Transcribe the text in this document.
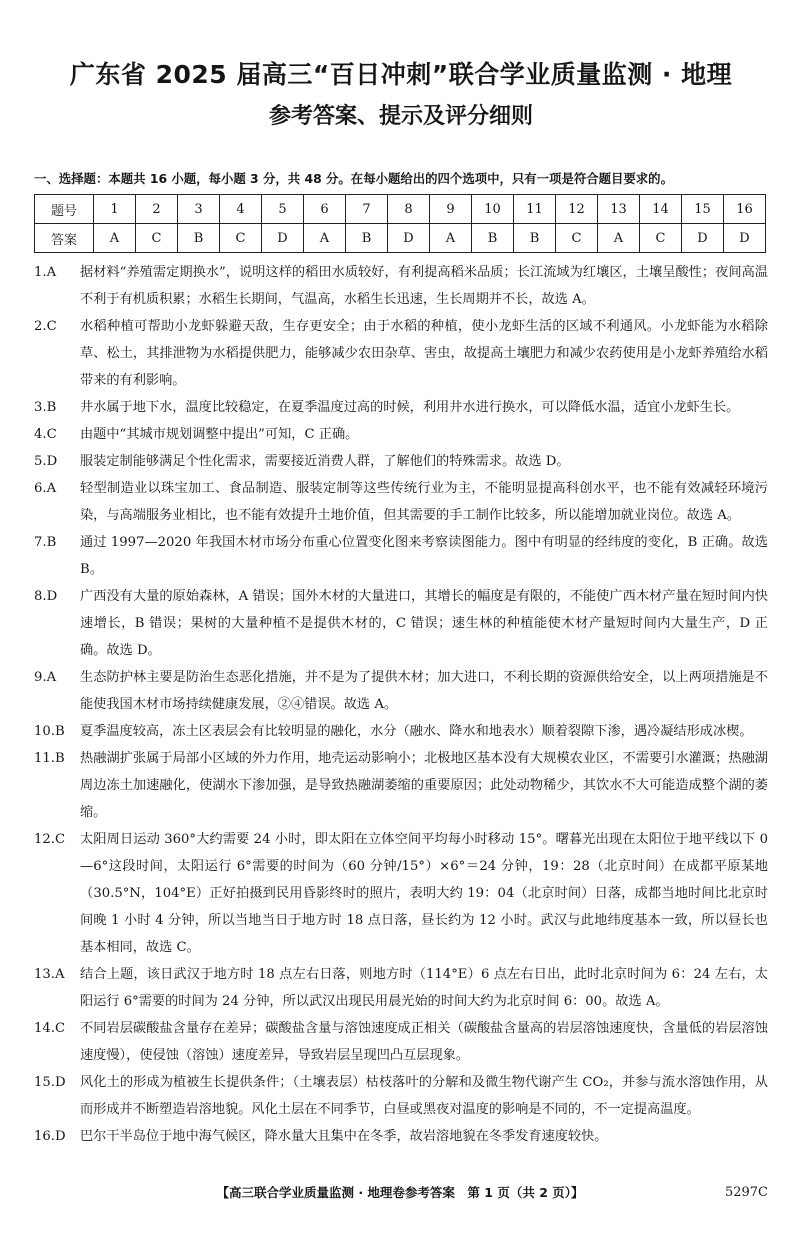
广东省 2025 届高三“百日冲刺”联合学业质量监测 · 地理
参考答案、提示及评分细则

一、选择题：本题共 16 小题，每小题 3 分，共 48 分。在每小题给出的四个选项中，只有一项是符合题目要求的。

题号	1	2	3	4	5	6	7	8	9	10	11	12	13	14	15	16
答案	A	C	B	C	D	A	B	D	A	B	B	C	A	C	D	D
1.A	据材料“养殖需定期换水”，说明这样的稻田水质较好，有利提高稻米品质；长江流域为红壤区，土壤呈酸性；夜间高温不利于有机质积累；水稻生长期间，气温高，水稻生长迅速，生长周期并不长，故选 A。
2.C	水稻种植可帮助小龙虾躲避天敌，生存更安全；由于水稻的种植，使小龙虾生活的区域不利通风。小龙虾能为水稻除草、松土，其排泄物为水稻提供肥力，能够减少农田杂草、害虫，故提高土壤肥力和减少农药使用是小龙虾养殖给水稻带来的有利影响。
3.B	井水属于地下水，温度比较稳定，在夏季温度过高的时候，利用井水进行换水，可以降低水温，适宜小龙虾生长。
4.C	由题中“其城市规划调整中提出”可知，C 正确。
5.D	服装定制能够满足个性化需求，需要接近消费人群，了解他们的特殊需求。故选 D。
6.A	轻型制造业以珠宝加工、食品制造、服装定制等这些传统行业为主，不能明显提高科创水平，也不能有效减轻环境污染，与高端服务业相比，也不能有效提升土地价值，但其需要的手工制作比较多，所以能增加就业岗位。故选 A。
7.B	通过 1997—2020 年我国木材市场分布重心位置变化图来考察读图能力。图中有明显的经纬度的变化，B 正确。故选 B。
8.D	广西没有大量的原始森林，A 错误；国外木材的大量进口，其增长的幅度是有限的，不能使广西木材产量在短时间内快速增长，B 错误；果树的大量种植不是提供木材的，C 错误；速生林的种植能使木材产量短时间内大量生产，D 正确。故选 D。
9.A	生态防护林主要是防治生态恶化措施，并不是为了提供木材；加大进口，不利长期的资源供给安全，以上两项措施是不能使我国木材市场持续健康发展，②④错误。故选 A。
10.B	夏季温度较高，冻土区表层会有比较明显的融化，水分（融水、降水和地表水）顺着裂隙下渗，遇冷凝结形成冰楔。
11.B	热融湖扩张属于局部小区域的外力作用，地壳运动影响小；北极地区基本没有大规模农业区，不需要引水灌溉；热融湖周边冻土加速融化，使湖水下渗加强，是导致热融湖萎缩的重要原因；此处动物稀少，其饮水不大可能造成整个湖的萎缩。
12.C	太阳周日运动 360°大约需要 24 小时，即太阳在立体空间平均每小时移动 15°。曙暮光出现在太阳位于地平线以下 0—6°这段时间，太阳运行 6°需要的时间为（60 分钟/15°）×6°＝24 分钟，19：28（北京时间）在成都平原某地（30.5°N，104°E）正好拍摄到民用昏影终时的照片，表明大约 19：04（北京时间）日落，成都当地时间比北京时间晚 1 小时 4 分钟，所以当地当日于地方时 18 点日落，昼长约为 12 小时。武汉与此地纬度基本一致，所以昼长也基本相同，故选 C。
13.A	结合上题，该日武汉于地方时 18 点左右日落，则地方时（114°E）6 点左右日出，此时北京时间为 6：24 左右，太阳运行 6°需要的时间为 24 分钟，所以武汉出现民用晨光始的时间大约为北京时间 6：00。故选 A。
14.C	不同岩层碳酸盐含量存在差异；碳酸盐含量与溶蚀速度成正相关（碳酸盐含量高的岩层溶蚀速度快，含量低的岩层溶蚀速度慢），使侵蚀（溶蚀）速度差异，导致岩层呈现凹凸互层现象。
15.D	风化土的形成为植被生长提供条件；（土壤表层）枯枝落叶的分解和及微生物代谢产生 CO₂，并参与流水溶蚀作用，从而形成并不断塑造岩溶地貌。风化土层在不同季节，白昼或黑夜对温度的影响是不同的，不一定提高温度。
16.D	巴尔干半岛位于地中海气候区，降水量大且集中在冬季，故岩溶地貌在冬季发育速度较快。
【高三联合学业质量监测 · 地理卷参考答案　第 1 页（共 2 页）】	5297C
